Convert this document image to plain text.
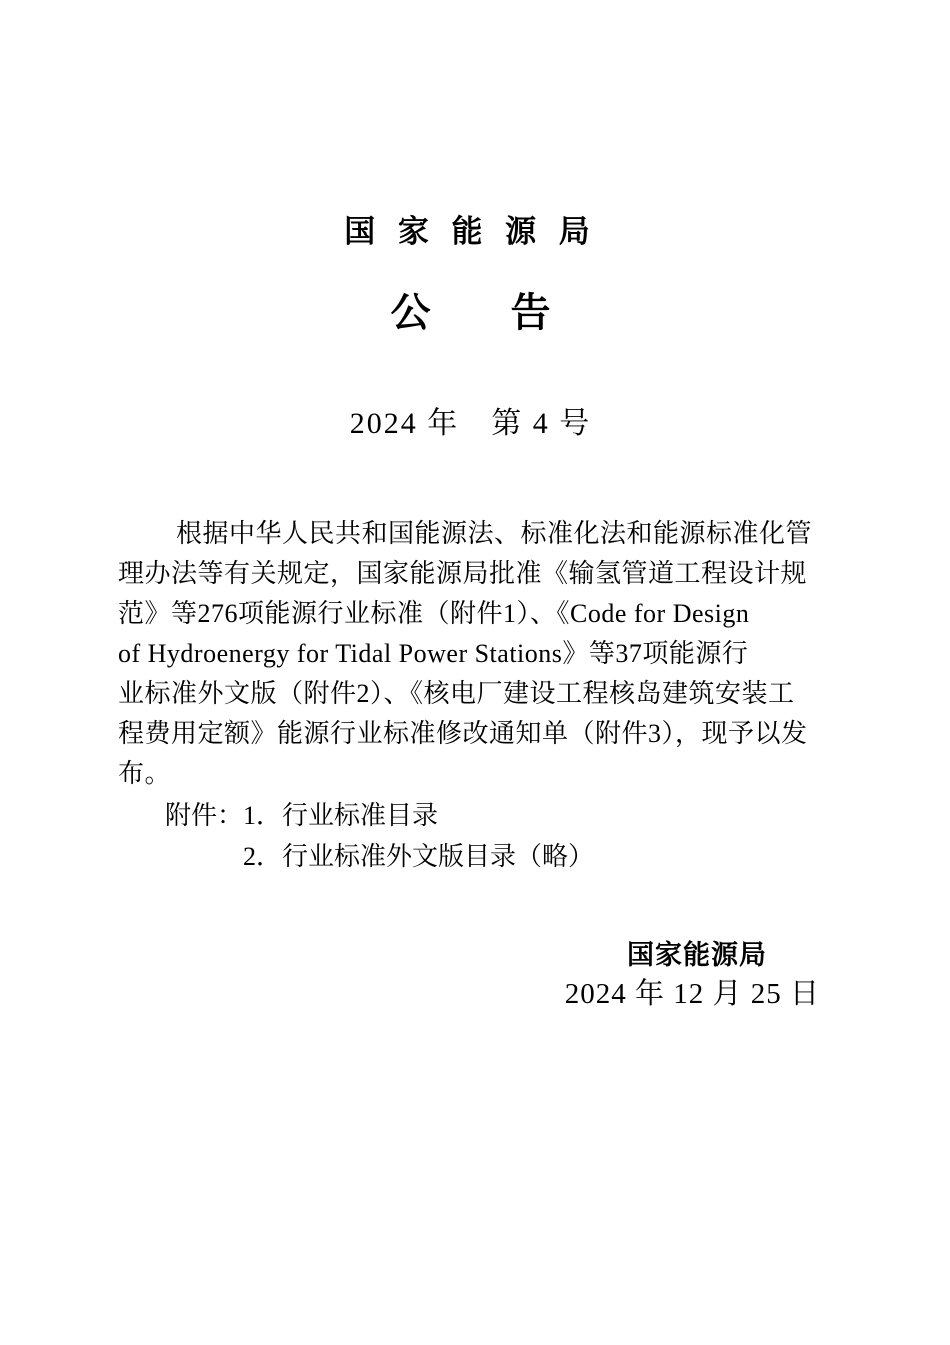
国 家 能 源 局
公　　告
2024 年　第 4 号
根据中华人民共和国能源法、标准化法和能源标准化管
理办法等有关规定，国家能源局批准《输氢管道工程设计规
范》等276项能源行业标准（附件1）、《Code for Design
of Hydroenergy for Tidal Power Stations》等37项能源行
业标准外文版（附件2）、《核电厂建设工程核岛建筑安装工
程费用定额》能源行业标准修改通知单（附件3），现予以发
布。
附件：1．行业标准目录
2．行业标准外文版目录（略）
国家能源局
2024 年 12 月 25 日
